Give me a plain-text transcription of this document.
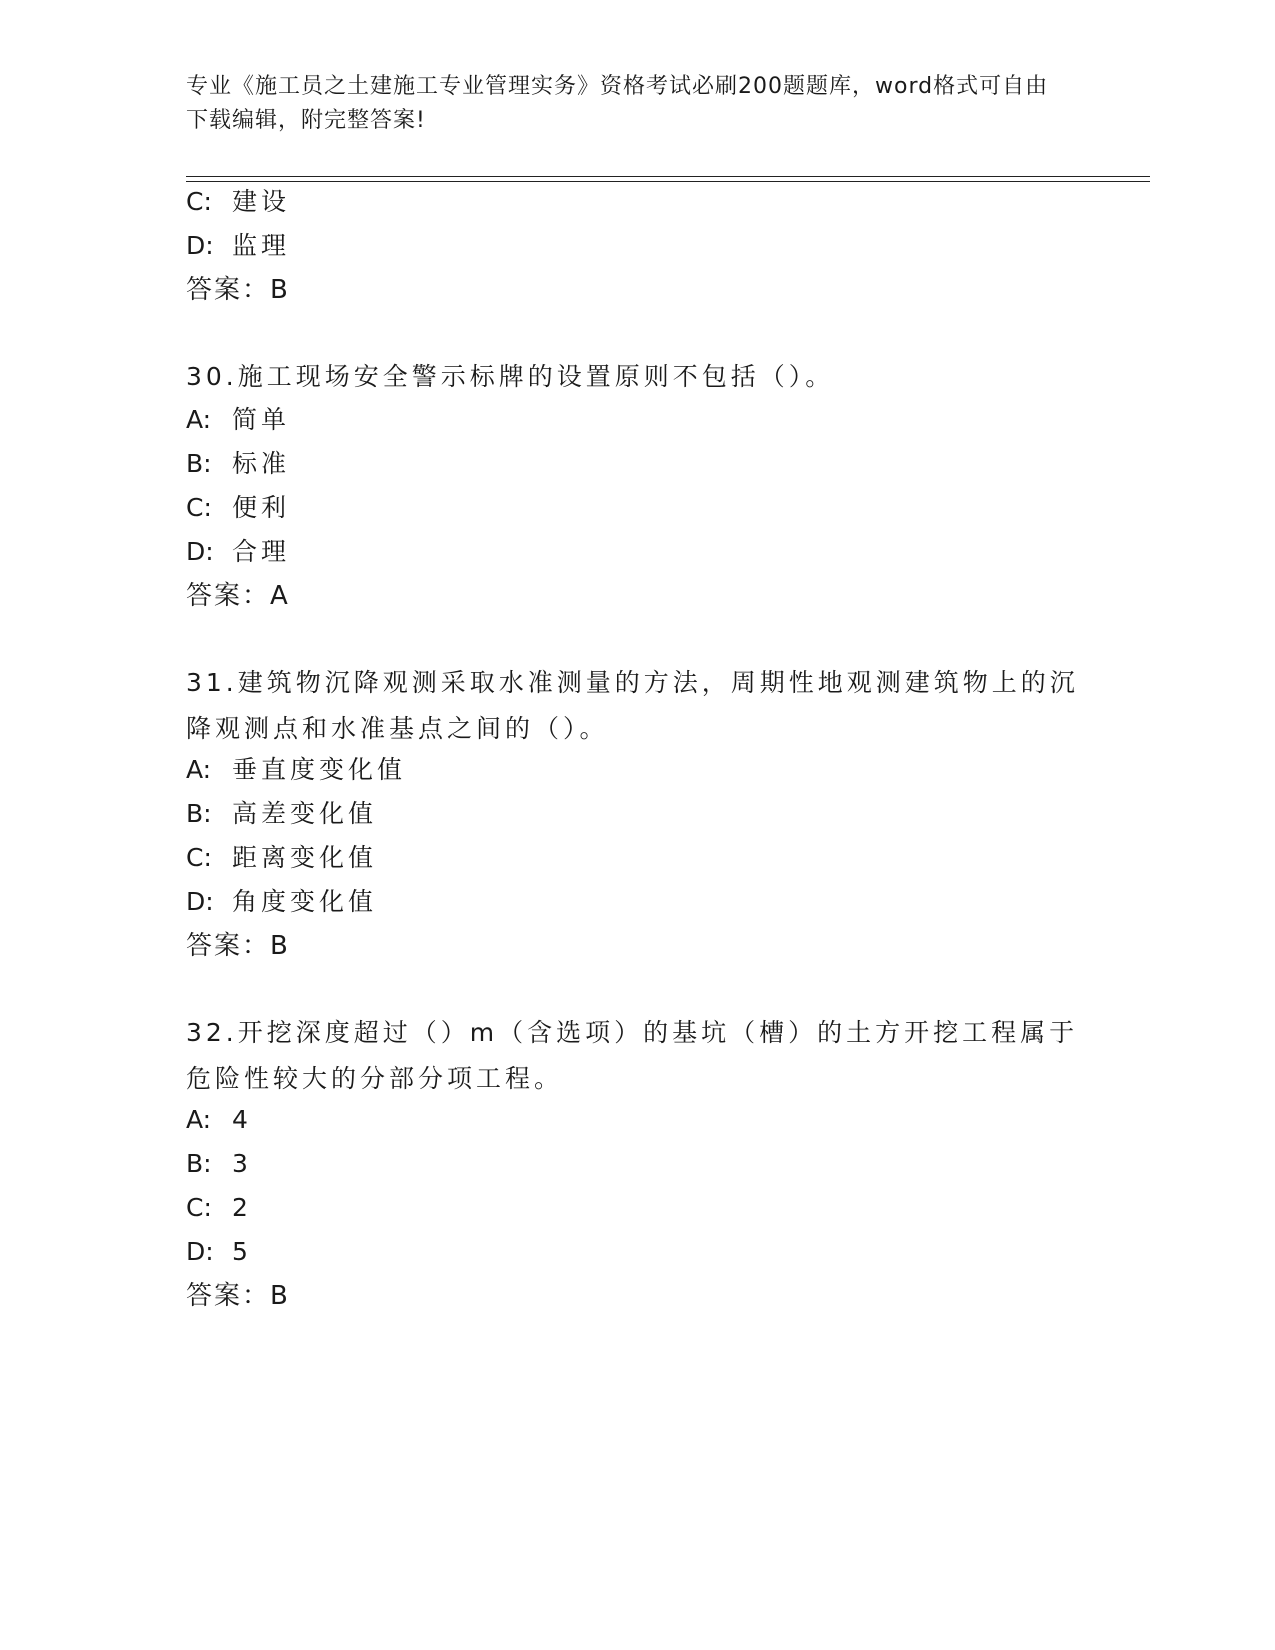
专业《施工员之土建施工专业管理实务》资格考试必刷200题题库，word格式可自由下载编辑，附完整答案!
C: 建设
D: 监理
答案：B
30.施工现场安全警示标牌的设置原则不包括（）。
A: 简单
B: 标准
C: 便利
D: 合理
答案：A
31.建筑物沉降观测采取水准测量的方法，周期性地观测建筑物上的沉降观测点和水准基点之间的（）。
A: 垂直度变化值
B: 高差变化值
C: 距离变化值
D: 角度变化值
答案：B
32.开挖深度超过（）m（含选项）的基坑（槽）的土方开挖工程属于危险性较大的分部分项工程。
A: 4
B: 3
C: 2
D: 5
答案：B
